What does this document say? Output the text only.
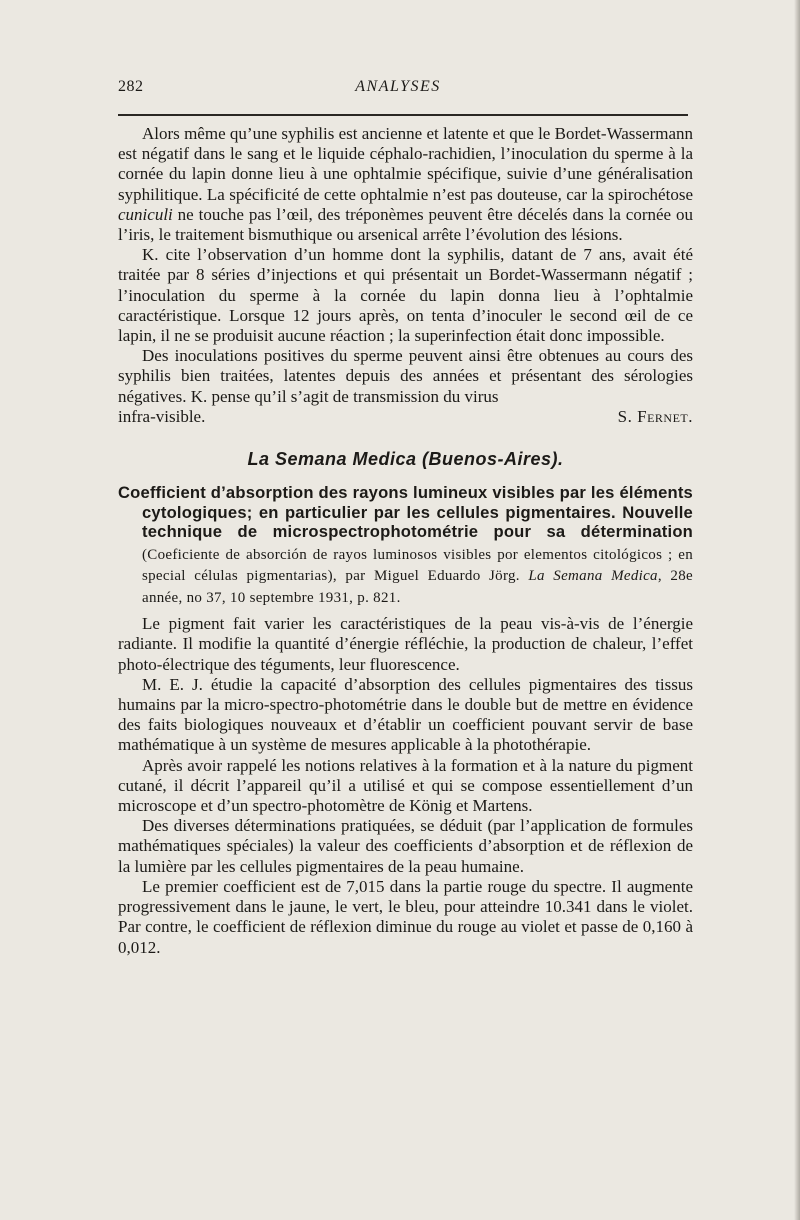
282	ANALYSES

Alors même qu’une syphilis est ancienne et latente et que le Bordet-Wassermann est négatif dans le sang et le liquide céphalo-rachidien, l’inoculation du sperme à la cornée du lapin donne lieu à une ophtalmie spécifique, suivie d’une généralisation syphilitique. La spécificité de cette ophtalmie n’est pas douteuse, car la spirochétose cuniculi ne touche pas l’œil, des tréponèmes peuvent être décelés dans la cornée ou l’iris, le traitement bismuthique ou arsenical arrête l’évolution des lésions.

K. cite l’observation d’un homme dont la syphilis, datant de 7 ans, avait été traitée par 8 séries d’injections et qui présentait un Bordet-Wassermann négatif ; l’inoculation du sperme à la cornée du lapin donna lieu à l’ophtalmie caractéristique. Lorsque 12 jours après, on tenta d’inoculer le second œil de ce lapin, il ne se produisit aucune réaction ; la superinfection était donc impossible.

Des inoculations positives du sperme peuvent ainsi être obtenues au cours des syphilis bien traitées, latentes depuis des années et présentant des sérologies négatives. K. pense qu’il s’agit de transmission du virus

infra-visible.	S. Fernet.

La Semana Medica (Buenos-Aires).
Coefficient d’absorption des rayons lumineux visibles par les éléments cytologiques; en particulier par les cellules pigmentaires. Nouvelle technique de microspectrophotométrie pour sa détermination (Coeficiente de absorción de rayos luminosos visibles por elementos citológicos ; en special células pigmentarias), par Miguel Eduardo Jörg. La Semana Medica, 28e année, no 37, 10 septembre 1931, p. 821.

Le pigment fait varier les caractéristiques de la peau vis-à-vis de l’énergie radiante. Il modifie la quantité d’énergie réfléchie, la production de chaleur, l’effet photo-électrique des téguments, leur fluorescence.

M. E. J. étudie la capacité d’absorption des cellules pigmentaires des tissus humains par la micro-spectro-photométrie dans le double but de mettre en évidence des faits biologiques nouveaux et d’établir un coefficient pouvant servir de base mathématique à un système de mesures applicable à la photothérapie.

Après avoir rappelé les notions relatives à la formation et à la nature du pigment cutané, il décrit l’appareil qu’il a utilisé et qui se compose essentiellement d’un microscope et d’un spectro-photomètre de König et Martens.

Des diverses déterminations pratiquées, se déduit (par l’application de formules mathématiques spéciales) la valeur des coefficients d’absorption et de réflexion de la lumière par les cellules pigmentaires de la peau humaine.

Le premier coefficient est de 7,015 dans la partie rouge du spectre. Il augmente progressivement dans le jaune, le vert, le bleu, pour atteindre 10.341 dans le violet. Par contre, le coefficient de réflexion diminue du rouge au violet et passe de 0,160 à 0,012.
